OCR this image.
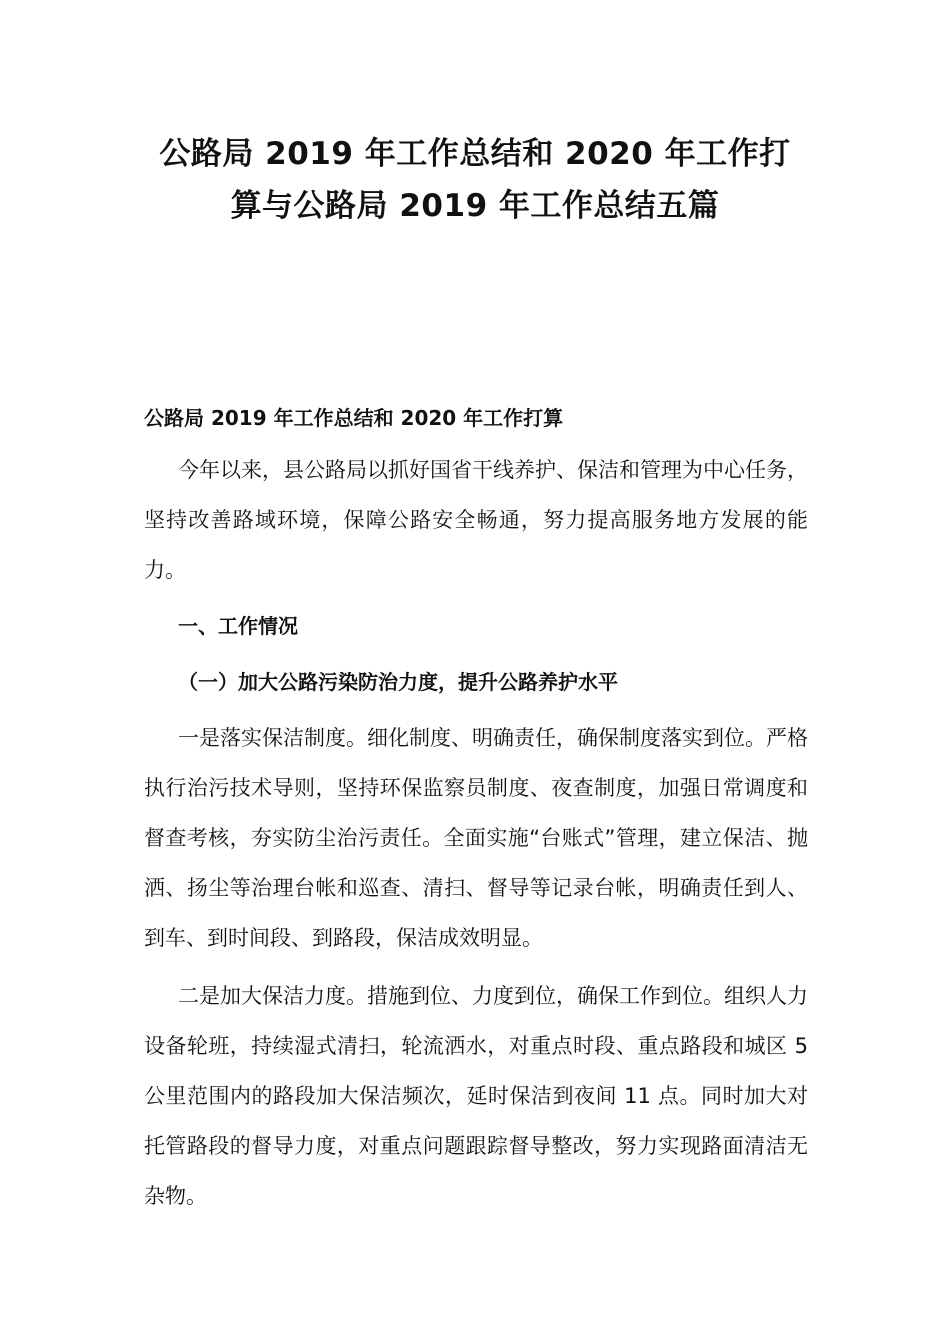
公路局 2019 年工作总结和 2020 年工作打
算与公路局 2019 年工作总结五篇
公路局 2019 年工作总结和 2020 年工作打算

今年以来，县公路局以抓好国省干线养护、保洁和管理为中心任务，坚持改善路域环境，保障公路安全畅通，努力提高服务地方发展的能力。

一、工作情况
（一）加大公路污染防治力度，提升公路养护水平

一是落实保洁制度。细化制度、明确责任，确保制度落实到位。严格执行治污技术导则，坚持环保监察员制度、夜查制度，加强日常调度和督查考核，夯实防尘治污责任。全面实施“台账式”管理，建立保洁、抛洒、扬尘等治理台帐和巡查、清扫、督导等记录台帐，明确责任到人、到车、到时间段、到路段，保洁成效明显。

二是加大保洁力度。措施到位、力度到位，确保工作到位。组织人力设备轮班，持续湿式清扫，轮流洒水，对重点时段、重点路段和城区 5 公里范围内的路段加大保洁频次，延时保洁到夜间 11 点。同时加大对托管路段的督导力度，对重点问题跟踪督导整改，努力实现路面清洁无杂物。
